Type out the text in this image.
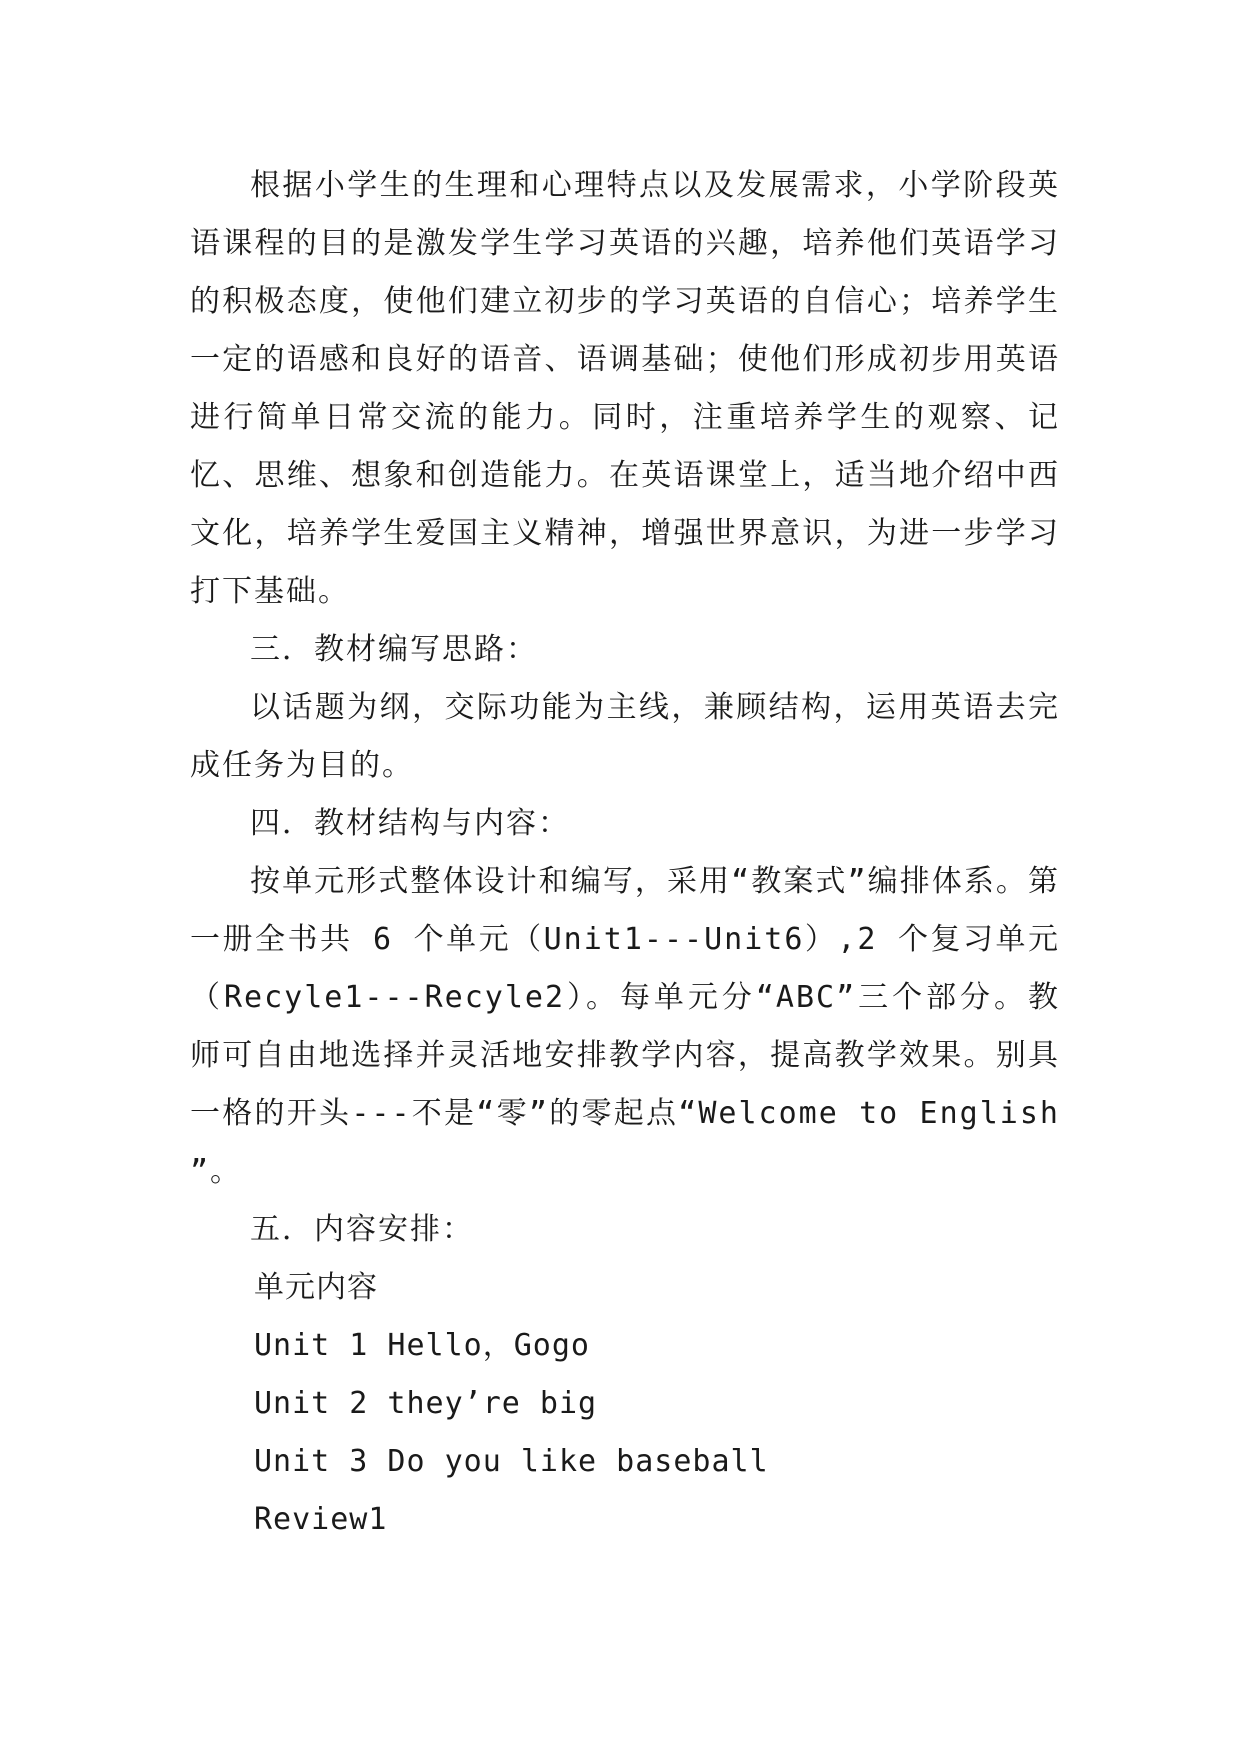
根据小学生的生理和心理特点以及发展需求，小学阶段英语课程的目的是激发学生学习英语的兴趣，培养他们英语学习的积极态度，使他们建立初步的学习英语的自信心；培养学生一定的语感和良好的语音、语调基础；使他们形成初步用英语进行简单日常交流的能力。同时，注重培养学生的观察、记忆、思维、想象和创造能力。在英语课堂上，适当地介绍中西文化，培养学生爱国主义精神，增强世界意识，为进一步学习打下基础。

三．教材编写思路：

以话题为纲，交际功能为主线，兼顾结构，运用英语去完成任务为目的。

四．教材结构与内容：

按单元形式整体设计和编写，采用“教案式”编排体系。第一册全书共 6 个单元（Unit1---Unit6）,2 个复习单元（Recyle1---Recyle2）。每单元分“ABC”三个部分。教师可自由地选择并灵活地安排教学内容，提高教学效果。别具一格的开头---不是“零”的零起点“Welcome to English ”。

五．内容安排：

单元内容

Unit 1 Hello，Gogo

Unit 2 they’re big

Unit 3 Do you like baseball

Review1
